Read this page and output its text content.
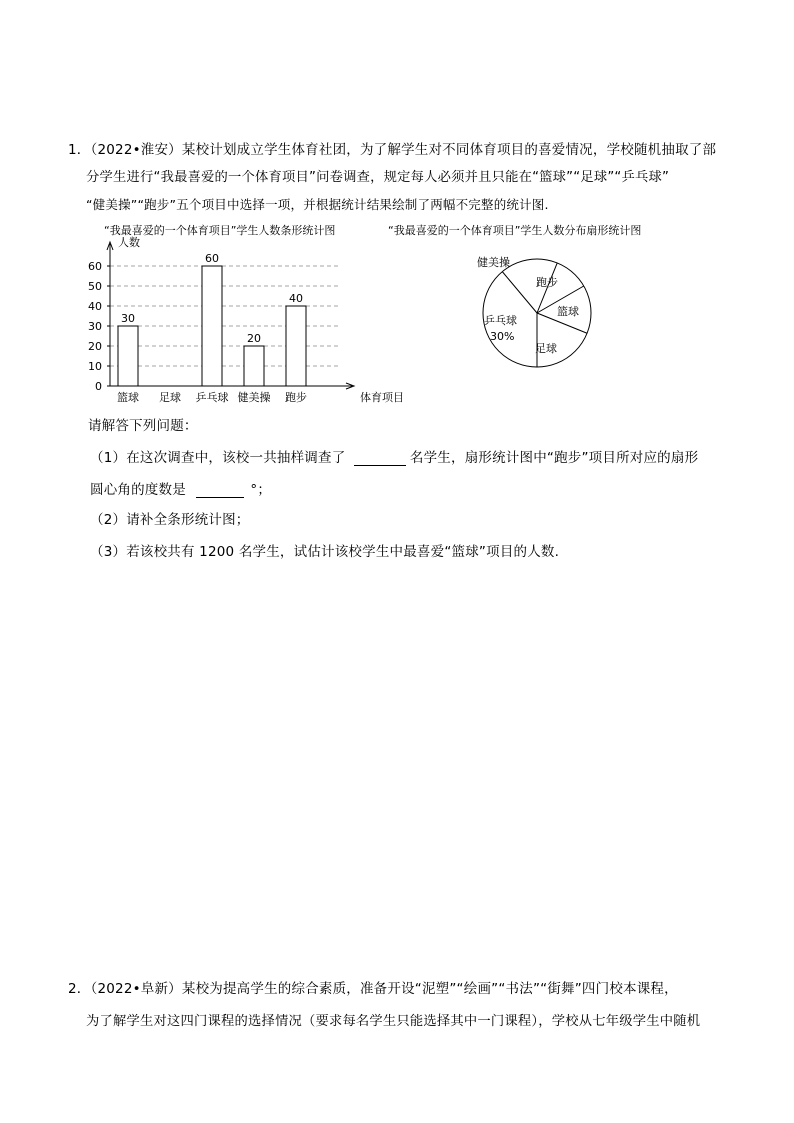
1．（2022•淮安）某校计划成立学生体育社团，为了解学生对不同体育项目的喜爱情况，学校随机抽取了部
分学生进行“我最喜爱的一个体育项目”问卷调查，规定每人必须并且只能在“篮球”“足球”“乒乓球”
“健美操”“跑步”五个项目中选择一项，并根据统计结果绘制了两幅不完整的统计图.
“我最喜爱的一个体育项目”学生人数条形统计图	“我最喜爱的一个体育项目”学生人数分布扇形统计图
0
10
20
30
40
50
60
人数
体育项目
30
篮球 足球
60
乒乓球
20
健美操
40
跑步
健美操
跑步
篮球
足球
乒乓球
30%
请解答下列问题：
（1）在这次调查中，该校一共抽样调查了	名学生，扇形统计图中“跑步”项目所对应的扇形
圆心角的度数是	°；
（2）请补全条形统计图；
（3）若该校共有 1200 名学生，试估计该校学生中最喜爱“篮球”项目的人数.
2．（2022•阜新）某校为提高学生的综合素质，准备开设“泥塑”“绘画”“书法”“街舞”四门校本课程，
为了解学生对这四门课程的选择情况（要求每名学生只能选择其中一门课程），学校从七年级学生中随机
